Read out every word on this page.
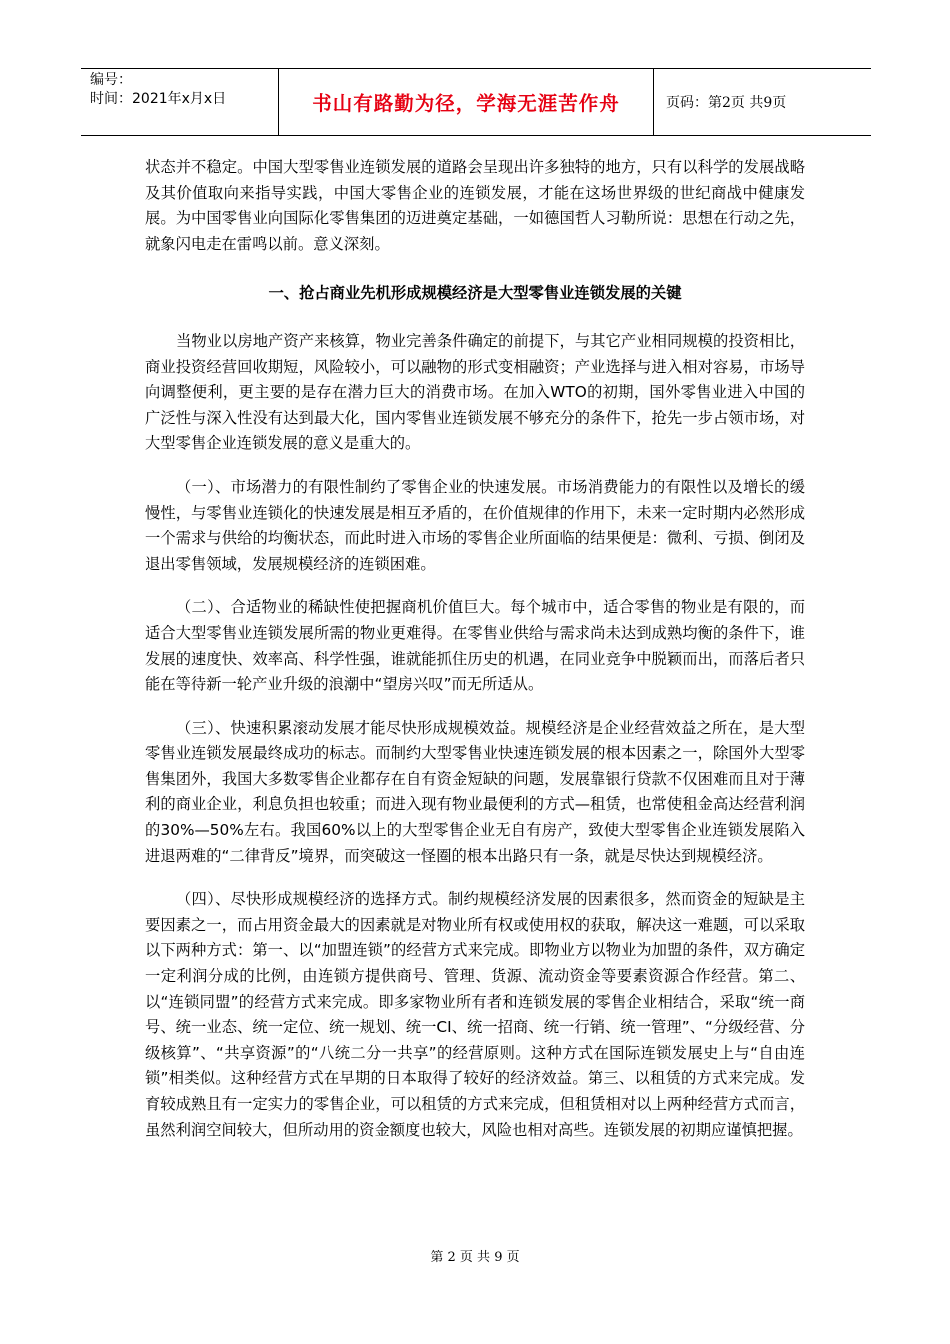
编号：
时间：2021年x月x日	书山有路勤为径，学海无涯苦作舟	页码：第2页 共9页

状态并不稳定。中国大型零售业连锁发展的道路会呈现出许多独特的地方，只有以科学的发展战略及其价值取向来指导实践，中国大零售企业的连锁发展，才能在这场世界级的世纪商战中健康发展。为中国零售业向国际化零售集团的迈进奠定基础，一如德国哲人习勒所说：思想在行动之先，就象闪电走在雷鸣以前。意义深刻。

一、抢占商业先机形成规模经济是大型零售业连锁发展的关键

当物业以房地产资产来核算，物业完善条件确定的前提下，与其它产业相同规模的投资相比，商业投资经营回收期短，风险较小，可以融物的形式变相融资；产业选择与进入相对容易，市场导向调整便利，更主要的是存在潜力巨大的消费市场。在加入WTO的初期，国外零售业进入中国的广泛性与深入性没有达到最大化，国内零售业连锁发展不够充分的条件下，抢先一步占领市场，对大型零售企业连锁发展的意义是重大的。

（一）、市场潜力的有限性制约了零售企业的快速发展。市场消费能力的有限性以及增长的缓慢性，与零售业连锁化的快速发展是相互矛盾的，在价值规律的作用下，未来一定时期内必然形成一个需求与供给的均衡状态，而此时进入市场的零售企业所面临的结果便是：微利、亏损、倒闭及退出零售领域，发展规模经济的连锁困难。

（二）、合适物业的稀缺性使把握商机价值巨大。每个城市中，适合零售的物业是有限的，而适合大型零售业连锁发展所需的物业更难得。在零售业供给与需求尚未达到成熟均衡的条件下，谁发展的速度快、效率高、科学性强，谁就能抓住历史的机遇，在同业竞争中脱颖而出，而落后者只能在等待新一轮产业升级的浪潮中“望房兴叹”而无所适从。

（三）、快速积累滚动发展才能尽快形成规模效益。规模经济是企业经营效益之所在，是大型零售业连锁发展最终成功的标志。而制约大型零售业快速连锁发展的根本因素之一，除国外大型零售集团外，我国大多数零售企业都存在自有资金短缺的问题，发展靠银行贷款不仅困难而且对于薄利的商业企业，利息负担也较重；而进入现有物业最便利的方式—租赁，也常使租金高达经营利润的30%—50%左右。我国60%以上的大型零售企业无自有房产，致使大型零售企业连锁发展陷入进退两难的“二律背反”境界，而突破这一怪圈的根本出路只有一条，就是尽快达到规模经济。

（四）、尽快形成规模经济的选择方式。制约规模经济发展的因素很多，然而资金的短缺是主要因素之一，而占用资金最大的因素就是对物业所有权或使用权的获取，解决这一难题，可以采取以下两种方式：第一、以“加盟连锁”的经营方式来完成。即物业方以物业为加盟的条件，双方确定一定利润分成的比例，由连锁方提供商号、管理、货源、流动资金等要素资源合作经营。第二、以“连锁同盟”的经营方式来完成。即多家物业所有者和连锁发展的零售企业相结合，采取“统一商号、统一业态、统一定位、统一规划、统一CI、统一招商、统一行销、统一管理”、“分级经营、分级核算”、“共享资源”的“八统二分一共享”的经营原则。这种方式在国际连锁发展史上与“自由连锁”相类似。这种经营方式在早期的日本取得了较好的经济效益。第三、以租赁的方式来完成。发育较成熟且有一定实力的零售企业，可以租赁的方式来完成，但租赁相对以上两种经营方式而言，虽然利润空间较大，但所动用的资金额度也较大，风险也相对高些。连锁发展的初期应谨慎把握。

第 2 页 共 9 页
